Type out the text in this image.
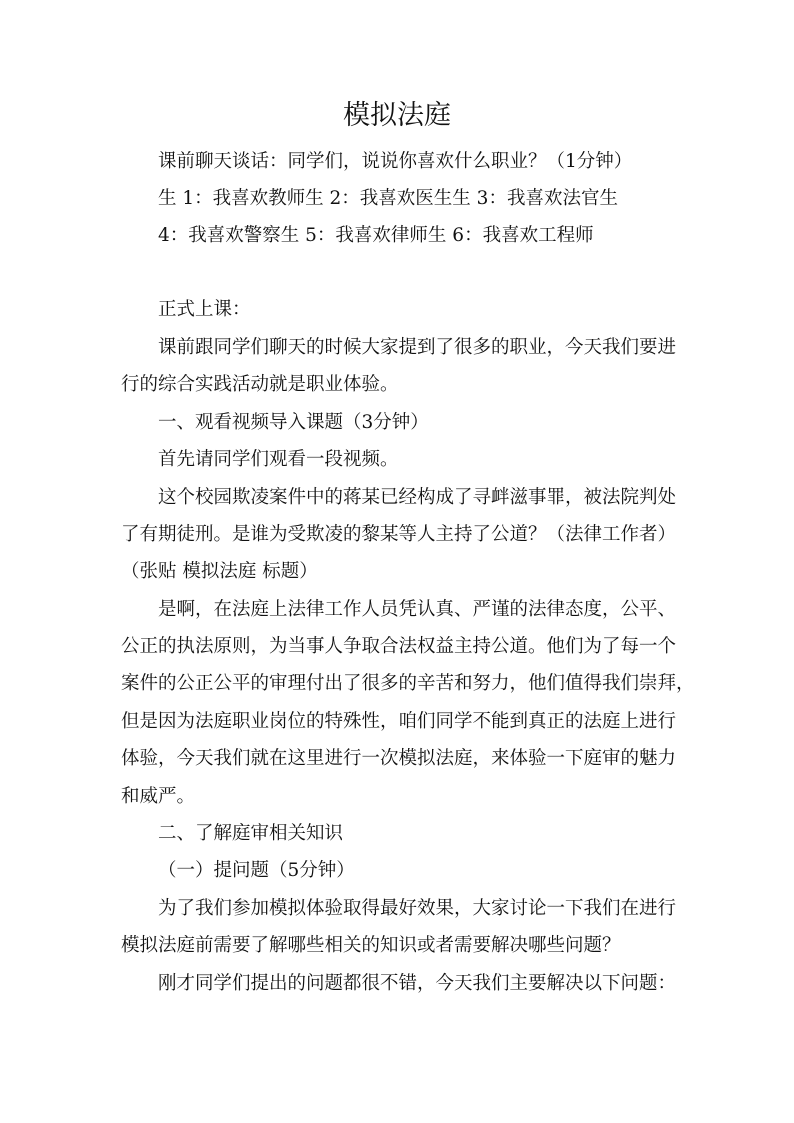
模拟法庭

课前聊天谈话：同学们，说说你喜欢什么职业？（1分钟）

生 1：我喜欢教师生 2：我喜欢医生生 3：我喜欢法官生

4：我喜欢警察生 5：我喜欢律师生 6：我喜欢工程师

正式上课：

课前跟同学们聊天的时候大家提到了很多的职业，今天我们要进

行的综合实践活动就是职业体验。

一、观看视频导入课题（3分钟）

首先请同学们观看一段视频。

这个校园欺凌案件中的蒋某已经构成了寻衅滋事罪，被法院判处

了有期徒刑。是谁为受欺凌的黎某等人主持了公道？（法律工作者）

（张贴 模拟法庭 标题）

是啊，在法庭上法律工作人员凭认真、严谨的法律态度，公平、

公正的执法原则，为当事人争取合法权益主持公道。他们为了每一个

案件的公正公平的审理付出了很多的辛苦和努力，他们值得我们崇拜，

但是因为法庭职业岗位的特殊性，咱们同学不能到真正的法庭上进行

体验，今天我们就在这里进行一次模拟法庭，来体验一下庭审的魅力

和威严。

二、了解庭审相关知识

（一）提问题（5分钟）

为了我们参加模拟体验取得最好效果，大家讨论一下我们在进行

模拟法庭前需要了解哪些相关的知识或者需要解决哪些问题？

刚才同学们提出的问题都很不错，今天我们主要解决以下问题：
